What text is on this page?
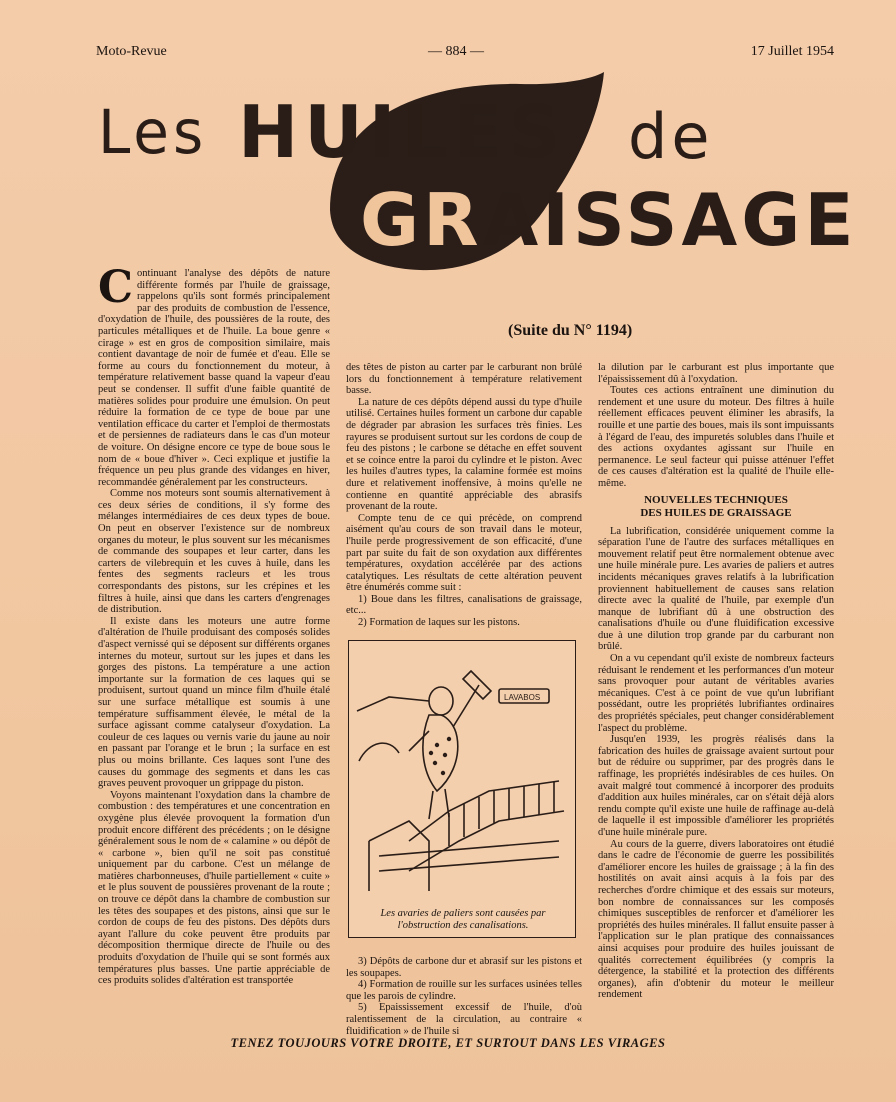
Moto-Revue	— 884 —	17 Juillet 1954
Les HUILES de
GRAISSAGE
(Suite du N° 1194)

Continuant l'analyse des dépôts de nature différente formés par l'huile de graissage, rappelons qu'ils sont formés principalement par des produits de combustion de l'essence, d'oxydation de l'huile, des poussières de la route, des particules métalliques et de l'huile. La boue genre « cirage » est en gros de composition similaire, mais contient davantage de noir de fumée et d'eau. Elle se forme au cours du fonctionnement du moteur, à température relativement basse quand la vapeur d'eau peut se condenser. Il suffit d'une faible quantité de matières solides pour produire une émulsion. On peut réduire la formation de ce type de boue par une ventilation efficace du carter et l'emploi de thermostats et de persiennes de radiateurs dans le cas d'un moteur de voiture. On désigne encore ce type de boue sous le nom de « boue d'hiver ». Ceci explique et justifie la fréquence un peu plus grande des vidanges en hiver, recommandée généralement par les constructeurs.

Comme nos moteurs sont soumis alternativement à ces deux séries de conditions, il s'y forme des mélanges intermédiaires de ces deux types de boue. On peut en observer l'existence sur de nombreux organes du moteur, le plus souvent sur les mécanismes de commande des soupapes et leur carter, dans les carters de vilebrequin et les cuves à huile, dans les fentes des segments racleurs et les trous correspondants des pistons, sur les crépines et les filtres à huile, ainsi que dans les carters d'engrenages de distribution.

Il existe dans les moteurs une autre forme d'altération de l'huile produisant des composés solides d'aspect vernissé qui se déposent sur différents organes internes du moteur, surtout sur les jupes et dans les gorges des pistons. La température a une action importante sur la formation de ces laques qui se produisent, surtout quand un mince film d'huile étalé sur une surface métallique est soumis à une température suffisamment élevée, le métal de la surface agissant comme catalyseur d'oxydation. La couleur de ces laques ou vernis varie du jaune au noir en passant par l'orange et le brun ; la surface en est plus ou moins brillante. Ces laques sont l'une des causes du gommage des segments et dans les cas graves peuvent provoquer un grippage du piston.

Voyons maintenant l'oxydation dans la chambre de combustion : des températures et une concentration en oxygène plus élevée provoquent la formation d'un produit encore différent des précédents ; on le désigne généralement sous le nom de « calamine » ou dépôt de « carbone », bien qu'il ne soit pas constitué uniquement par du carbone. C'est un mélange de matières charbonneuses, d'huile partiellement « cuite » et le plus souvent de poussières provenant de la route ; on trouve ce dépôt dans la chambre de combustion sur les têtes des soupapes et des pistons, ainsi que sur le cordon de coups de feu des pistons. Des dépôts durs ayant l'allure du coke peuvent être produits par décomposition thermique directe de l'huile ou des produits d'oxydation de l'huile qui se sont formés aux températures plus basses. Une partie appréciable de ces produits solides d'altération est transportée

des têtes de piston au carter par le carburant non brûlé lors du fonctionnement à température relativement basse.

La nature de ces dépôts dépend aussi du type d'huile utilisé. Certaines huiles forment un carbone dur capable de dégrader par abrasion les surfaces très finies. Les rayures se produisent surtout sur les cordons de coup de feu des pistons ; le carbone se détache en effet souvent et se coince entre la paroi du cylindre et le piston. Avec les huiles d'autres types, la calamine formée est moins dure et relativement inoffensive, à moins qu'elle ne contienne en quantité appréciable des abrasifs provenant de la route.

Compte tenu de ce qui précède, on comprend aisément qu'au cours de son travail dans le moteur, l'huile perde progressivement de son efficacité, d'une part par suite du fait de son oxydation aux différentes températures, oxydation accélérée par des actions catalytiques. Les résultats de cette altération peuvent être énumérés comme suit :

1) Boue dans les filtres, canalisations de graissage, etc...

2) Formation de laques sur les pistons.

LAVABOS
Les avaries de paliers sont causées par l'obstruction des canalisations.

3) Dépôts de carbone dur et abrasif sur les pistons et les soupapes.

4) Formation de rouille sur les surfaces usinées telles que les parois de cylindre.

5) Epaississement excessif de l'huile, d'où ralentissement de la circulation, au contraire « fluidification » de l'huile si

la dilution par le carburant est plus importante que l'épaississement dû à l'oxydation.

Toutes ces actions entraînent une diminution du rendement et une usure du moteur. Des filtres à huile réellement efficaces peuvent éliminer les abrasifs, la rouille et une partie des boues, mais ils sont impuissants à l'égard de l'eau, des impuretés solubles dans l'huile et des actions oxydantes agissant sur l'huile en permanence. Le seul facteur qui puisse atténuer l'effet de ces causes d'altération est la qualité de l'huile elle-même.

NOUVELLES TECHNIQUES
DES HUILES DE GRAISSAGE

La lubrification, considérée uniquement comme la séparation l'une de l'autre des surfaces métalliques en mouvement relatif peut être normalement obtenue avec une huile minérale pure. Les avaries de paliers et autres incidents mécaniques graves relatifs à la lubrification proviennent habituellement de causes sans relation directe avec la qualité de l'huile, par exemple d'un manque de lubrifiant dû à une obstruction des canalisations d'huile ou d'une fluidification excessive due à une dilution trop grande par du carburant non brûlé.

On a vu cependant qu'il existe de nombreux facteurs réduisant le rendement et les performances d'un moteur sans provoquer pour autant de véritables avaries mécaniques. C'est à ce point de vue qu'un lubrifiant possédant, outre les propriétés lubrifiantes ordinaires des propriétés spéciales, peut changer considérablement l'aspect du problème.

Jusqu'en 1939, les progrès réalisés dans la fabrication des huiles de graissage avaient surtout pour but de réduire ou supprimer, par des progrès dans le raffinage, les propriétés indésirables de ces huiles. On avait malgré tout commencé à incorporer des produits d'addition aux huiles minérales, car on s'était déjà alors rendu compte qu'il existe une huile de raffinage au-delà de laquelle il est impossible d'améliorer les propriétés d'une huile minérale pure.

Au cours de la guerre, divers laboratoires ont étudié dans le cadre de l'économie de guerre les possibilités d'améliorer encore les huiles de graissage ; à la fin des hostilités on avait ainsi acquis à la fois par des recherches d'ordre chimique et des essais sur moteurs, bon nombre de connaissances sur les composés chimiques susceptibles de renforcer et d'améliorer les propriétés des huiles minérales. Il fallut ensuite passer à l'application sur le plan pratique des connaissances ainsi acquises pour produire des huiles jouissant de qualités correctement équilibrées (y compris la détergence, la stabilité et la protection des différents organes), afin d'obtenir du moteur le meilleur rendement

TENEZ TOUJOURS VOTRE DROITE, ET SURTOUT DANS LES VIRAGES
